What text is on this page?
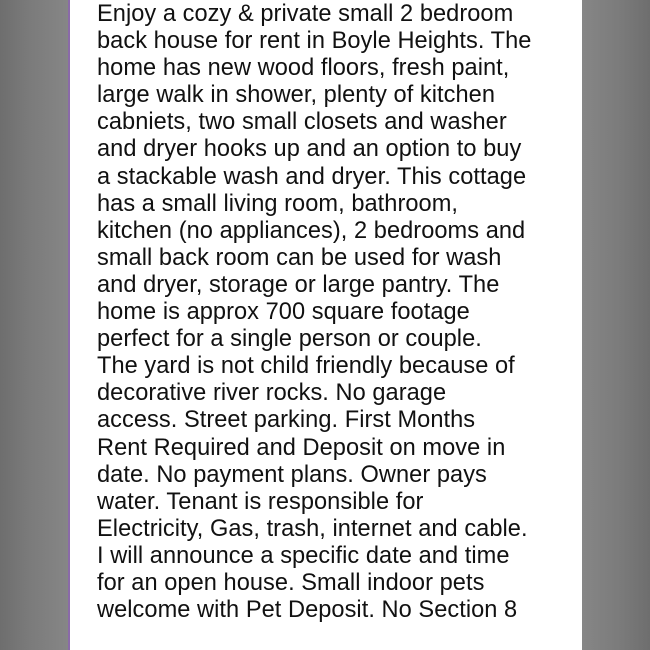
Enjoy a cozy & private small 2 bedroom
back house for rent in Boyle Heights. The
home has new wood floors, fresh paint,
large walk in shower, plenty of kitchen
cabniets, two small closets and washer
and dryer hooks up and an option to buy
a stackable wash and dryer. This cottage
has a small living room, bathroom,
kitchen (no appliances), 2 bedrooms and
small back room can be used for wash
and dryer, storage or large pantry. The
home is approx 700 square footage
perfect for a single person or couple.
The yard is not child friendly because of
decorative river rocks. No garage
access. Street parking. First Months
Rent Required and Deposit on move in
date. No payment plans. Owner pays
water. Tenant is responsible for
Electricity, Gas, trash, internet and cable.
I will announce a specific date and time
for an open house. Small indoor pets
welcome with Pet Deposit. No Section 8
